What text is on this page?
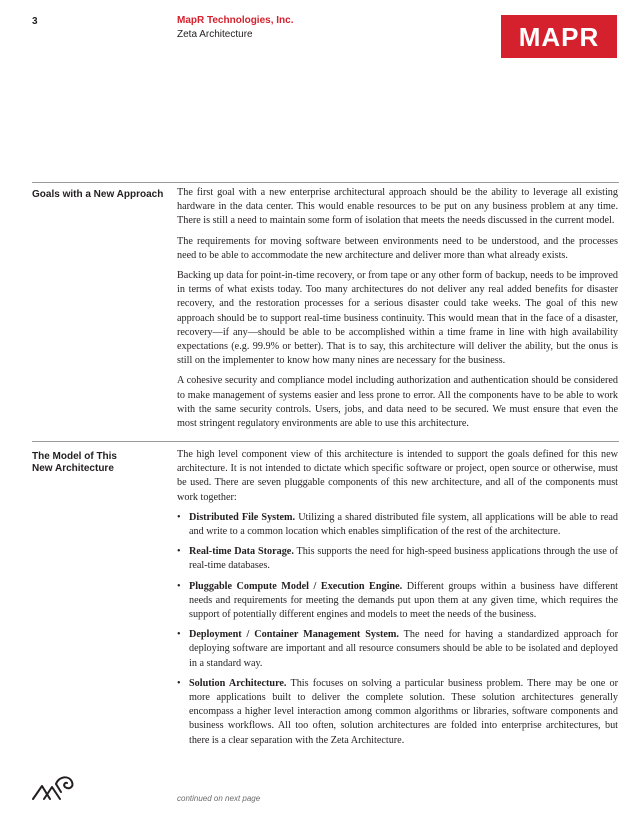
3	MapR Technologies, Inc.
Zeta Architecture	MAPR
Goals with a New Approach	The first goal with a new enterprise architectural approach should be the ability to leverage all existing hardware in the data center. This would enable resources to be put on any business problem at any time. There is still a need to maintain some form of isolation that meets the needs discussed in the current model.

The requirements for moving software between environments need to be understood, and the processes need to be able to accommodate the new architecture and deliver more than what already exists.

Backing up data for point-in-time recovery, or from tape or any other form of backup, needs to be improved in terms of what exists today. Too many architectures do not deliver any real added benefits for disaster recovery, and the restoration processes for a serious disaster could take weeks. The goal of this new approach should be to support real-time business continuity. This would mean that in the face of a disaster, recovery—if any—should be able to be accomplished within a time frame in line with high availability expectations (e.g. 99.9% or better). That is to say, this architecture will deliver the ability, but the onus is still on the implementer to know how many nines are necessary for the business.

A cohesive security and compliance model including authorization and authentication should be considered to make management of systems easier and less prone to error. All the components have to be able to work with the same security controls. Users, jobs, and data need to be secured. We must ensure that even the most stringent regulatory environments are able to use this architecture.

The Model of This
New Architecture

The high level component view of this architecture is intended to support the goals defined for this new architecture. It is not intended to dictate which specific software or project, open source or otherwise, must be used. There are seven pluggable components of this new architecture, and all of the components must work together:

• Distributed File System. Utilizing a shared distributed file system, all applications will be able to read and write to a common location which enables simplification of the rest of the architecture.
• Real-time Data Storage. This supports the need for high-speed business applications through the use of real-time databases.
• Pluggable Compute Model / Execution Engine. Different groups within a business have different needs and requirements for meeting the demands put upon them at any given time, which requires the support of potentially different engines and models to meet the needs of the business.
• Deployment / Container Management System. The need for having a standardized approach for deploying software are important and all resource consumers should be able to be isolated and deployed in a standard way.
• Solution Architecture. This focuses on solving a particular business problem. There may be one or more applications built to deliver the complete solution. These solution architectures generally encompass a higher level interaction among common algorithms or libraries, software components and business workflows. All too often, solution architectures are folded into enterprise architectures, but there is a clear separation with the Zeta Architecture.
continued on next page
